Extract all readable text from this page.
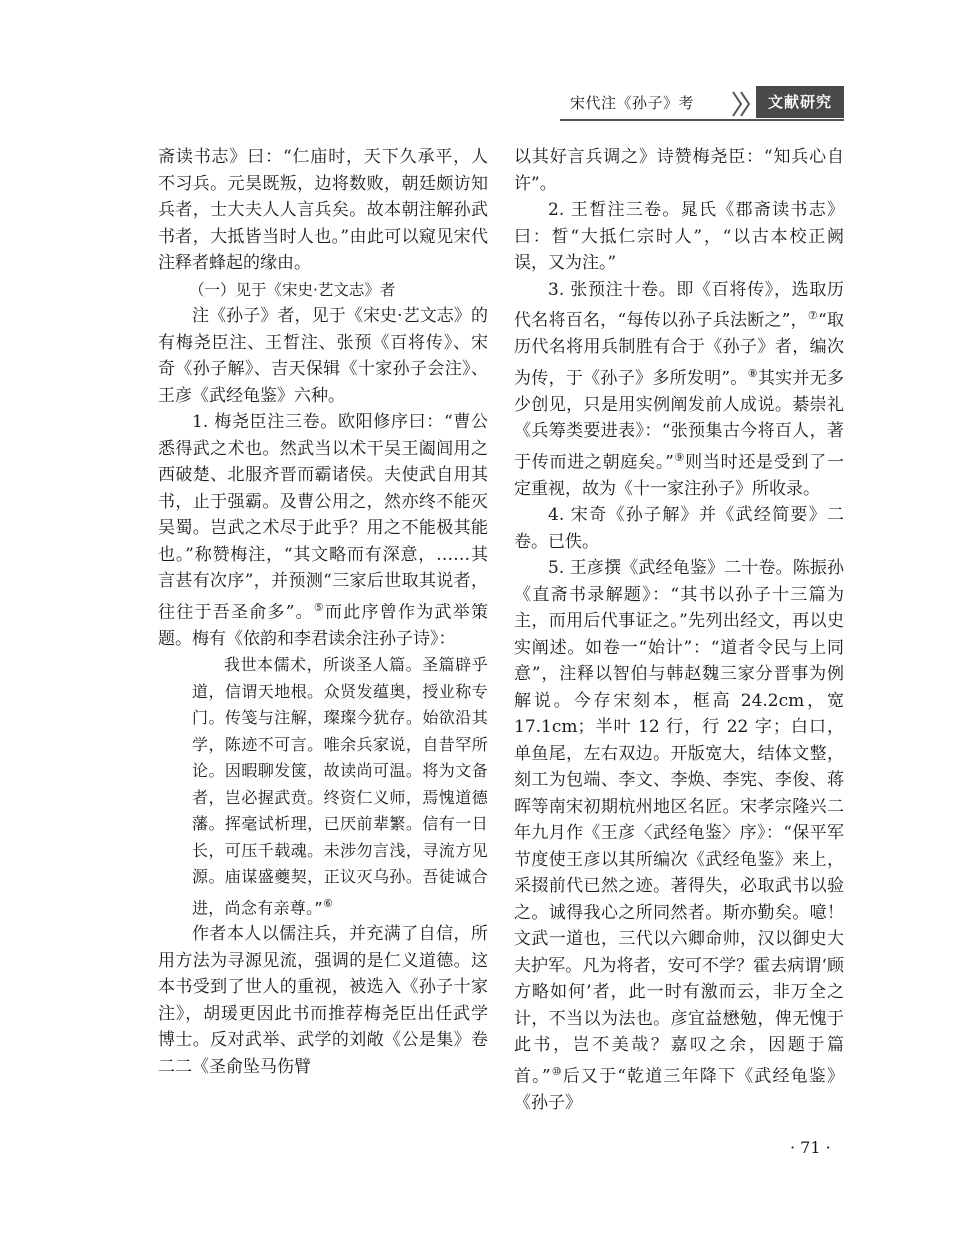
宋代注《孙子》考	文献研究

斋读书志》曰：“仁庙时，天下久承平，人不习兵。元昊既叛，边将数败，朝廷颇访知兵者，士大夫人人言兵矣。故本朝注解孙武书者，大抵皆当时人也。”由此可以窥见宋代注释者蜂起的缘由。

（一）见于《宋史·艺文志》者

注《孙子》者，见于《宋史·艺文志》的有梅尧臣注、王晳注、张预《百将传》、宋奇《孙子解》、吉天保辑《十家孙子会注》、王彦《武经龟鉴》六种。

1. 梅尧臣注三卷。欧阳修序曰：“曹公悉得武之术也。然武当以术干吴王阖闾用之西破楚、北服齐晋而霸诸侯。夫使武自用其书，止于强霸。及曹公用之，然亦终不能灭吴蜀。岂武之术尽于此乎？用之不能极其能也。”称赞梅注，“其文略而有深意，……其言甚有次序”，并预测“三家后世取其说者，往往于吾圣俞多”。⑤而此序曾作为武举策题。梅有《依韵和李君读余注孙子诗》：

我世本儒术，所谈圣人篇。圣篇辟乎道，信谓天地根。众贤发蕴奥，授业称专门。传笺与注解，璨璨今犹存。始欲沿其学，陈迹不可言。唯余兵家说，自昔罕所论。因暇聊发箧，故读尚可温。将为文备者，岂必握武贲。终资仁义师，焉愧道德藩。挥毫试析理，已厌前辈繁。信有一日长，可压千载魂。未涉勿言浅，寻流方见源。庙谋盛夔契，正议灭乌孙。吾徒诚合进，尚念有亲尊。”⑥

作者本人以儒注兵，并充满了自信，所用方法为寻源见流，强调的是仁义道德。这本书受到了世人的重视，被选入《孙子十家注》，胡瑗更因此书而推荐梅尧臣出任武学博士。反对武举、武学的刘敞《公是集》卷二二《圣俞坠马伤臂

以其好言兵调之》诗赞梅尧臣：“知兵心自许”。

2. 王晳注三卷。晁氏《郡斋读书志》曰：晳“大抵仁宗时人”，“以古本校正阙误，又为注。”

3. 张预注十卷。即《百将传》，选取历代名将百名，“每传以孙子兵法断之”，⑦“取历代名将用兵制胜有合于《孙子》者，编次为传，于《孙子》多所发明”。⑧其实并无多少创见，只是用实例阐发前人成说。綦崇礼《兵筹类要进表》：“张预集古今将百人，著于传而进之朝庭矣。”⑨则当时还是受到了一定重视，故为《十一家注孙子》所收录。

4. 宋奇《孙子解》并《武经简要》二卷。已佚。

5. 王彦撰《武经龟鉴》二十卷。陈振孙《直斋书录解题》：“其书以孙子十三篇为主，而用后代事证之。”先列出经文，再以史实阐述。如卷一“始计”：“道者令民与上同意”，注释以智伯与韩赵魏三家分晋事为例解说。今存宋刻本，框高 24.2cm，宽 17.1cm；半叶 12 行，行 22 字；白口，单鱼尾，左右双边。开版宽大，结体文整，刻工为包端、李文、李焕、李宪、李俊、蒋晖等南宋初期杭州地区名匠。宋孝宗隆兴二年九月作《王彦〈武经龟鉴〉序》：“保平军节度使王彦以其所编次《武经龟鉴》来上，采掇前代已然之迹。著得失，必取武书以验之。诚得我心之所同然者。斯亦勤矣。噫！文武一道也，三代以六卿命帅，汉以御史大夫护军。凡为将者，安可不学？霍去病谓‘顾方略如何’者，此一时有激而云，非万全之计，不当以为法也。彦宜益懋勉，俾无愧于此书，岂不美哉？嘉叹之余，因题于篇首。”⑩后又于“乾道三年降下《武经龟鉴》《孙子》

· 71 ·
